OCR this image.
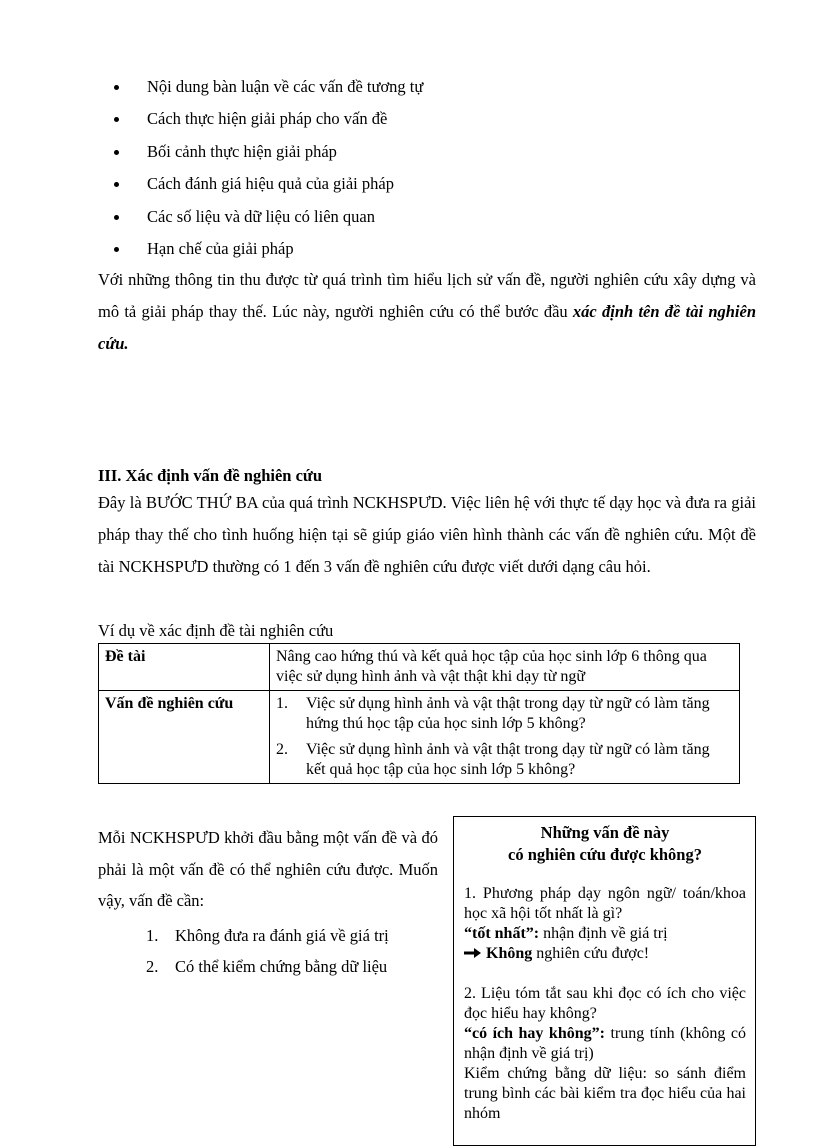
Nội dung bàn luận về các vấn đề tương tự
Cách thực hiện giải pháp cho vấn đề
Bối cảnh thực hiện giải pháp
Cách đánh giá hiệu quả của giải pháp
Các số liệu và dữ liệu có liên quan
Hạn chế của giải pháp

Với những thông tin thu được từ quá trình tìm hiểu lịch sử vấn đề, người nghiên cứu xây dựng và mô tả giải pháp thay thế. Lúc này, người nghiên cứu có thể bước đầu xác định tên đề tài nghiên cứu.

III. Xác định vấn đề nghiên cứu

Đây là BƯỚC THỨ BA của quá trình NCKHSPƯD. Việc liên hệ với thực tế dạy học và đưa ra giải pháp thay thế cho tình huống hiện tại sẽ giúp giáo viên hình thành các vấn đề nghiên cứu. Một đề tài NCKHSPƯD thường có 1 đến 3 vấn đề nghiên cứu được viết dưới dạng câu hỏi.

Ví dụ về xác định đề tài nghiên cứu

Đề tài	Nâng cao hứng thú và kết quả học tập của học sinh lớp 6 thông qua việc sử dụng hình ảnh và vật thật khi dạy từ ngữ
Vấn đề nghiên cứu	1. Việc sử dụng hình ảnh và vật thật trong dạy từ ngữ có làm tăng hứng thú học tập của học sinh lớp 5 không?
2. Việc sử dụng hình ảnh và vật thật trong dạy từ ngữ có làm tăng kết quả học tập của học sinh lớp 5 không?

Mỗi NCKHSPƯD khởi đầu bằng một vấn đề và đó phải là một vấn đề có thể nghiên cứu được. Muốn vậy, vấn đề cần:

1. Không đưa ra đánh giá về giá trị
2. Có thể kiểm chứng bằng dữ liệu
Những vấn đề này
có nghiên cứu được không?

1. Phương pháp dạy ngôn ngữ/ toán/khoa học xã hội tốt nhất là gì?

“tốt nhất”: nhận định về giá trị

Không nghiên cứu được!

2. Liệu tóm tắt sau khi đọc có ích cho việc đọc hiểu hay không?

“có ích hay không”: trung tính (không có nhận định về giá trị)

Kiểm chứng bằng dữ liệu: so sánh điểm trung bình các bài kiểm tra đọc hiểu của hai nhóm
